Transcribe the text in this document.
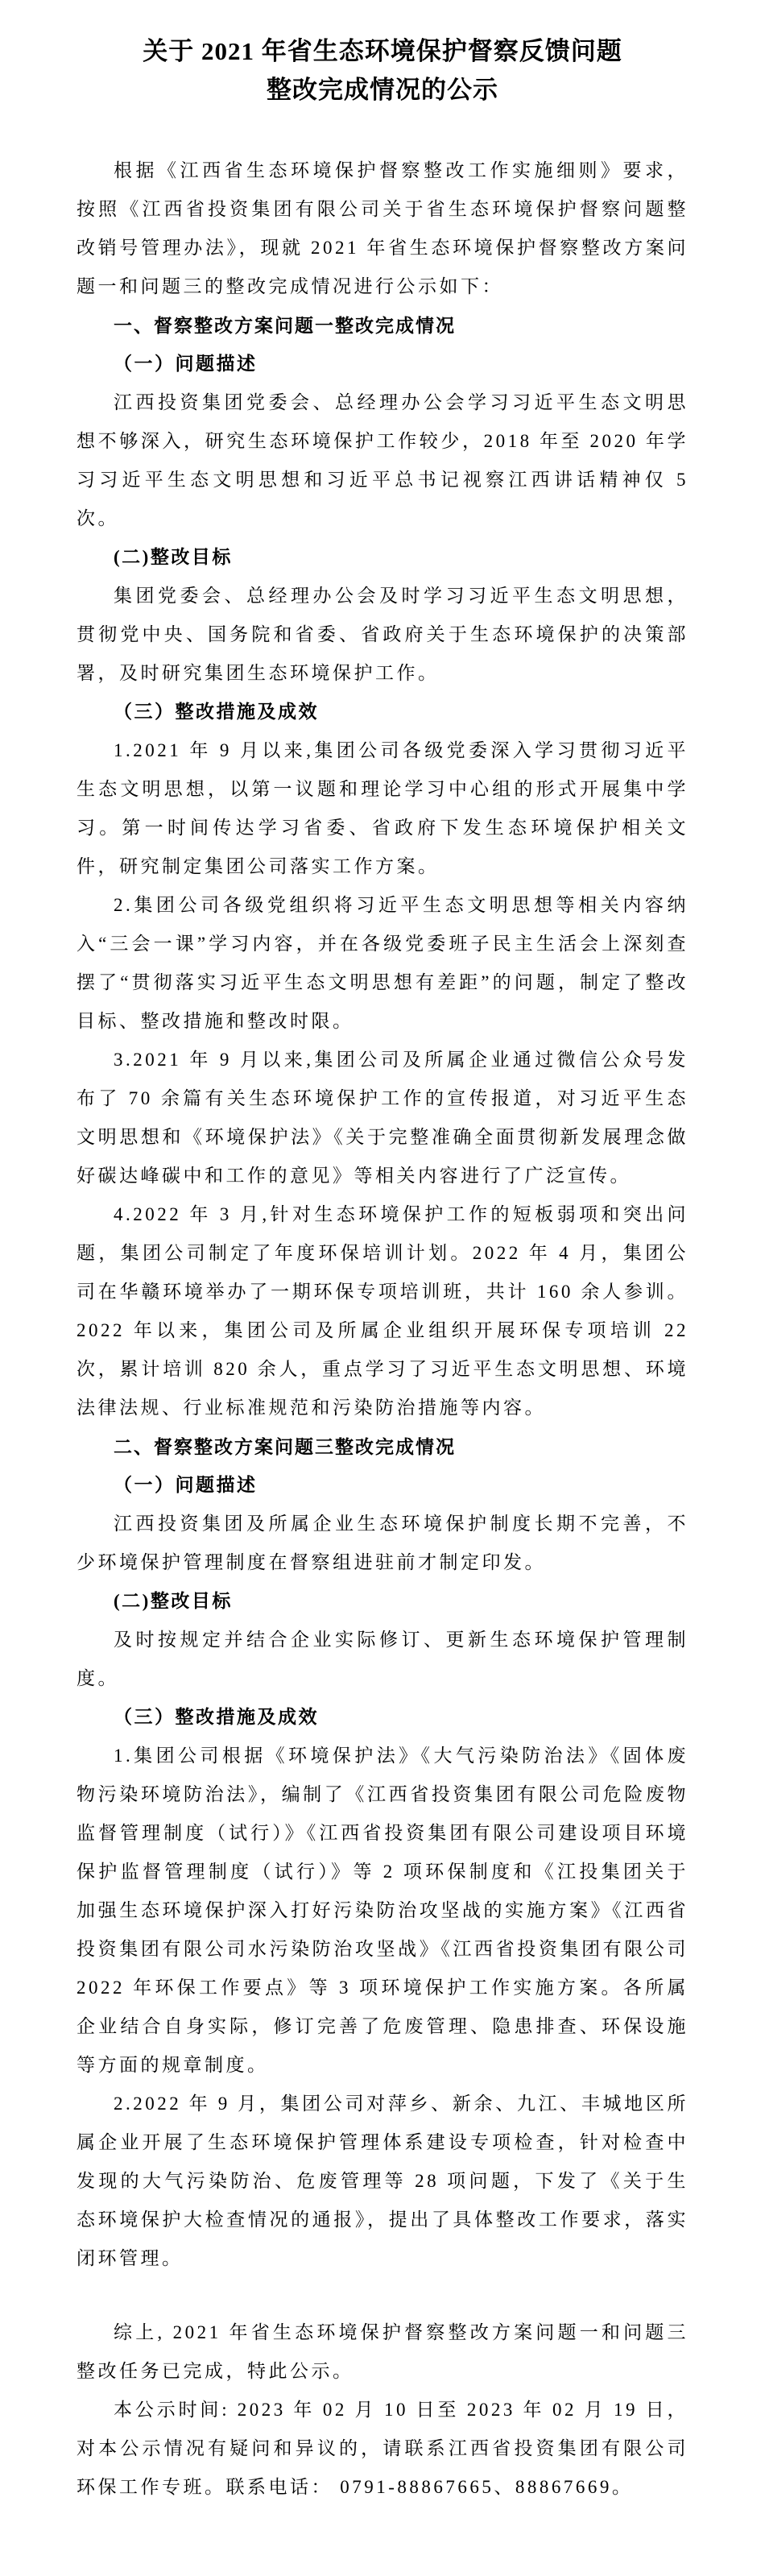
关于 2021 年省生态环境保护督察反馈问题
整改完成情况的公示

根据《江西省生态环境保护督察整改工作实施细则》要求，按照《江西省投资集团有限公司关于省生态环境保护督察问题整改销号管理办法》，现就 2021 年省生态环境保护督察整改方案问题一和问题三的整改完成情况进行公示如下：

一、督察整改方案问题一整改完成情况

（一）问题描述

江西投资集团党委会、总经理办公会学习习近平生态文明思想不够深入，研究生态环境保护工作较少，2018 年至 2020 年学习习近平生态文明思想和习近平总书记视察江西讲话精神仅 5 次。

(二)整改目标

集团党委会、总经理办公会及时学习习近平生态文明思想，贯彻党中央、国务院和省委、省政府关于生态环境保护的决策部署，及时研究集团生态环境保护工作。

（三）整改措施及成效

1.2021 年 9 月以来,集团公司各级党委深入学习贯彻习近平生态文明思想，以第一议题和理论学习中心组的形式开展集中学习。第一时间传达学习省委、省政府下发生态环境保护相关文件，研究制定集团公司落实工作方案。

2.集团公司各级党组织将习近平生态文明思想等相关内容纳入“三会一课”学习内容，并在各级党委班子民主生活会上深刻查摆了“贯彻落实习近平生态文明思想有差距”的问题，制定了整改目标、整改措施和整改时限。

3.2021 年 9 月以来,集团公司及所属企业通过微信公众号发布了 70 余篇有关生态环境保护工作的宣传报道，对习近平生态文明思想和《环境保护法》《关于完整准确全面贯彻新发展理念做好碳达峰碳中和工作的意见》等相关内容进行了广泛宣传。

4.2022 年 3 月,针对生态环境保护工作的短板弱项和突出问题，集团公司制定了年度环保培训计划。2022 年 4 月，集团公司在华赣环境举办了一期环保专项培训班，共计 160 余人参训。2022 年以来，集团公司及所属企业组织开展环保专项培训 22 次，累计培训 820 余人，重点学习了习近平生态文明思想、环境法律法规、行业标准规范和污染防治措施等内容。

二、督察整改方案问题三整改完成情况

（一）问题描述

江西投资集团及所属企业生态环境保护制度长期不完善，不少环境保护管理制度在督察组进驻前才制定印发。

(二)整改目标

及时按规定并结合企业实际修订、更新生态环境保护管理制度。

（三）整改措施及成效

1.集团公司根据《环境保护法》《大气污染防治法》《固体废物污染环境防治法》，编制了《江西省投资集团有限公司危险废物监督管理制度（试行）》《江西省投资集团有限公司建设项目环境保护监督管理制度（试行）》等 2 项环保制度和《江投集团关于加强生态环境保护深入打好污染防治攻坚战的实施方案》《江西省投资集团有限公司水污染防治攻坚战》《江西省投资集团有限公司 2022 年环保工作要点》等 3 项环境保护工作实施方案。各所属企业结合自身实际，修订完善了危废管理、隐患排查、环保设施等方面的规章制度。

2.2022 年 9 月，集团公司对萍乡、新余、九江、丰城地区所属企业开展了生态环境保护管理体系建设专项检查，针对检查中发现的大气污染防治、危废管理等 28 项问题，下发了《关于生态环境保护大检查情况的通报》，提出了具体整改工作要求，落实闭环管理。

综上, 2021 年省生态环境保护督察整改方案问题一和问题三整改任务已完成，特此公示。

本公示时间: 2023 年 02 月 10 日至 2023 年 02 月 19 日，对本公示情况有疑问和异议的，请联系江西省投资集团有限公司环保工作专班。联系电话： 0791-88867665、88867669。
